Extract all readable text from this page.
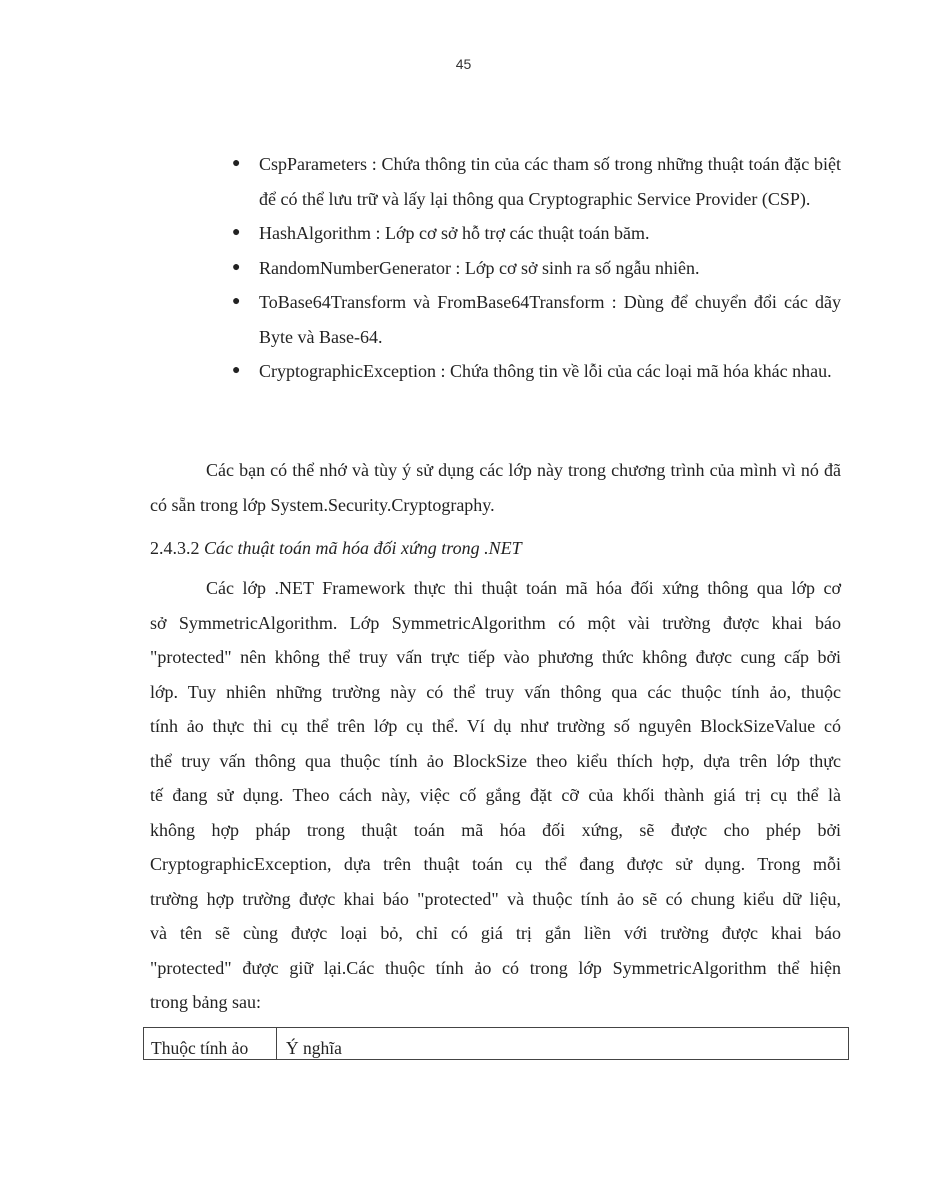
45
● CspParameters : Chứa thông tin của các tham số trong những thuật toán đặc biệt để có thể lưu trữ và lấy lại thông qua Cryptographic Service Provider (CSP).
● HashAlgorithm : Lớp cơ sở hỗ trợ các thuật toán băm.
● RandomNumberGenerator : Lớp cơ sở sinh ra số ngẫu nhiên.
● ToBase64Transform và FromBase64Transform : Dùng để chuyển đổi các dãy Byte và Base-64.
● CryptographicException : Chứa thông tin về lỗi của các loại mã hóa khác nhau.
Các bạn có thể nhớ và tùy ý sử dụng các lớp này trong chương trình của mình vì nó đã có sẵn trong lớp System.Security.Cryptography.
2.4.3.2 Các thuật toán mã hóa đối xứng trong .NET
Các lớp .NET Framework thực thi thuật toán mã hóa đối xứng thông qua lớp cơ
sở SymmetricAlgorithm. Lớp SymmetricAlgorithm có một vài trường được khai báo
"protected" nên không thể truy vấn trực tiếp vào phương thức không được cung cấp bởi
lớp. Tuy nhiên những trường này có thể truy vấn thông qua các thuộc tính ảo, thuộc
tính ảo thực thi cụ thể trên lớp cụ thể. Ví dụ như trường số nguyên BlockSizeValue có
thể truy vấn thông qua thuộc tính ảo BlockSize theo kiểu thích hợp, dựa trên lớp thực
tế đang sử dụng. Theo cách này, việc cố gắng đặt cỡ của khối thành giá trị cụ thể là
không hợp pháp trong thuật toán mã hóa đối xứng, sẽ được cho phép bởi
CryptographicException, dựa trên thuật toán cụ thể đang được sử dụng. Trong mỗi
trường hợp trường được khai báo "protected" và thuộc tính ảo sẽ có chung kiểu dữ liệu,
và tên sẽ cùng được loại bỏ, chỉ có giá trị gắn liền với trường được khai báo
"protected" được giữ lại.Các thuộc tính ảo có trong lớp SymmetricAlgorithm thể hiện
trong bảng sau:
Thuộc tính ảo	Ý nghĩa
